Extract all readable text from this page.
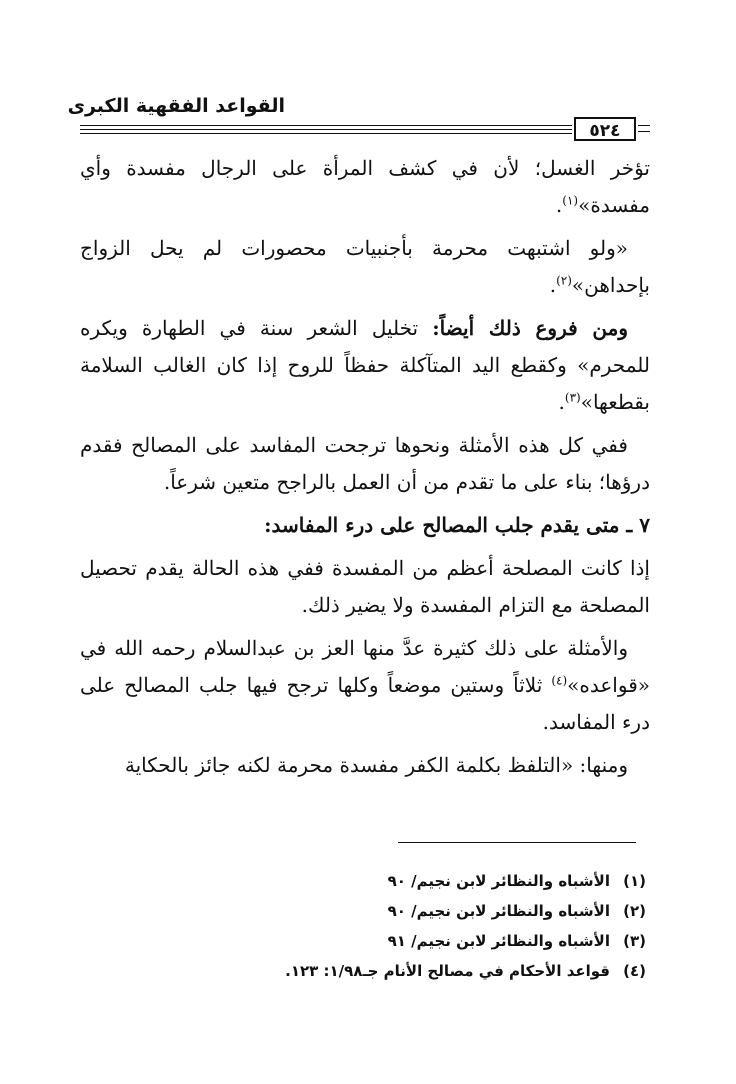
القواعد الفقهية الكبرى
٥٢٤

تؤخر الغسل؛ لأن في كشف المرأة على الرجال مفسدة وأي مفسدة»$^{(١)}$.

«ولو اشتبهت محرمة بأجنبيات محصورات لم يحل الزواج بإحداهن»$^{(٢)}$.

ومن فروع ذلك أيضاً: تخليل الشعر سنة في الطهارة ويكره للمحرم» وكقطع اليد المتآكلة حفظاً للروح إذا كان الغالب السلامة بقطعها»$^{(٣)}$.

ففي كل هذه الأمثلة ونحوها ترجحت المفاسد على المصالح فقدم درؤها؛ بناء على ما تقدم من أن العمل بالراجح متعين شرعاً.

٧ ـ متى يقدم جلب المصالح على درء المفاسد:

إذا كانت المصلحة أعظم من المفسدة ففي هذه الحالة يقدم تحصيل المصلحة مع التزام المفسدة ولا يضير ذلك.

والأمثلة على ذلك كثيرة عدَّ منها العز بن عبدالسلام رحمه الله في «قواعده»$^{(٤)}$ ثلاثاً وستين موضعاً وكلها ترجح فيها جلب المصالح على درء المفاسد.

ومنها: «التلفظ بكلمة الكفر مفسدة محرمة لكنه جائز بالحكاية

(١)الأشباه والنظائر لابن نجيم/ ٩٠
(٢)الأشباه والنظائر لابن نجيم/ ٩٠
(٣)الأشباه والنظائر لابن نجيم/ ٩١
(٤)قواعد الأحكام في مصالح الأنام جـ١/٩٨: ١٢٣.
